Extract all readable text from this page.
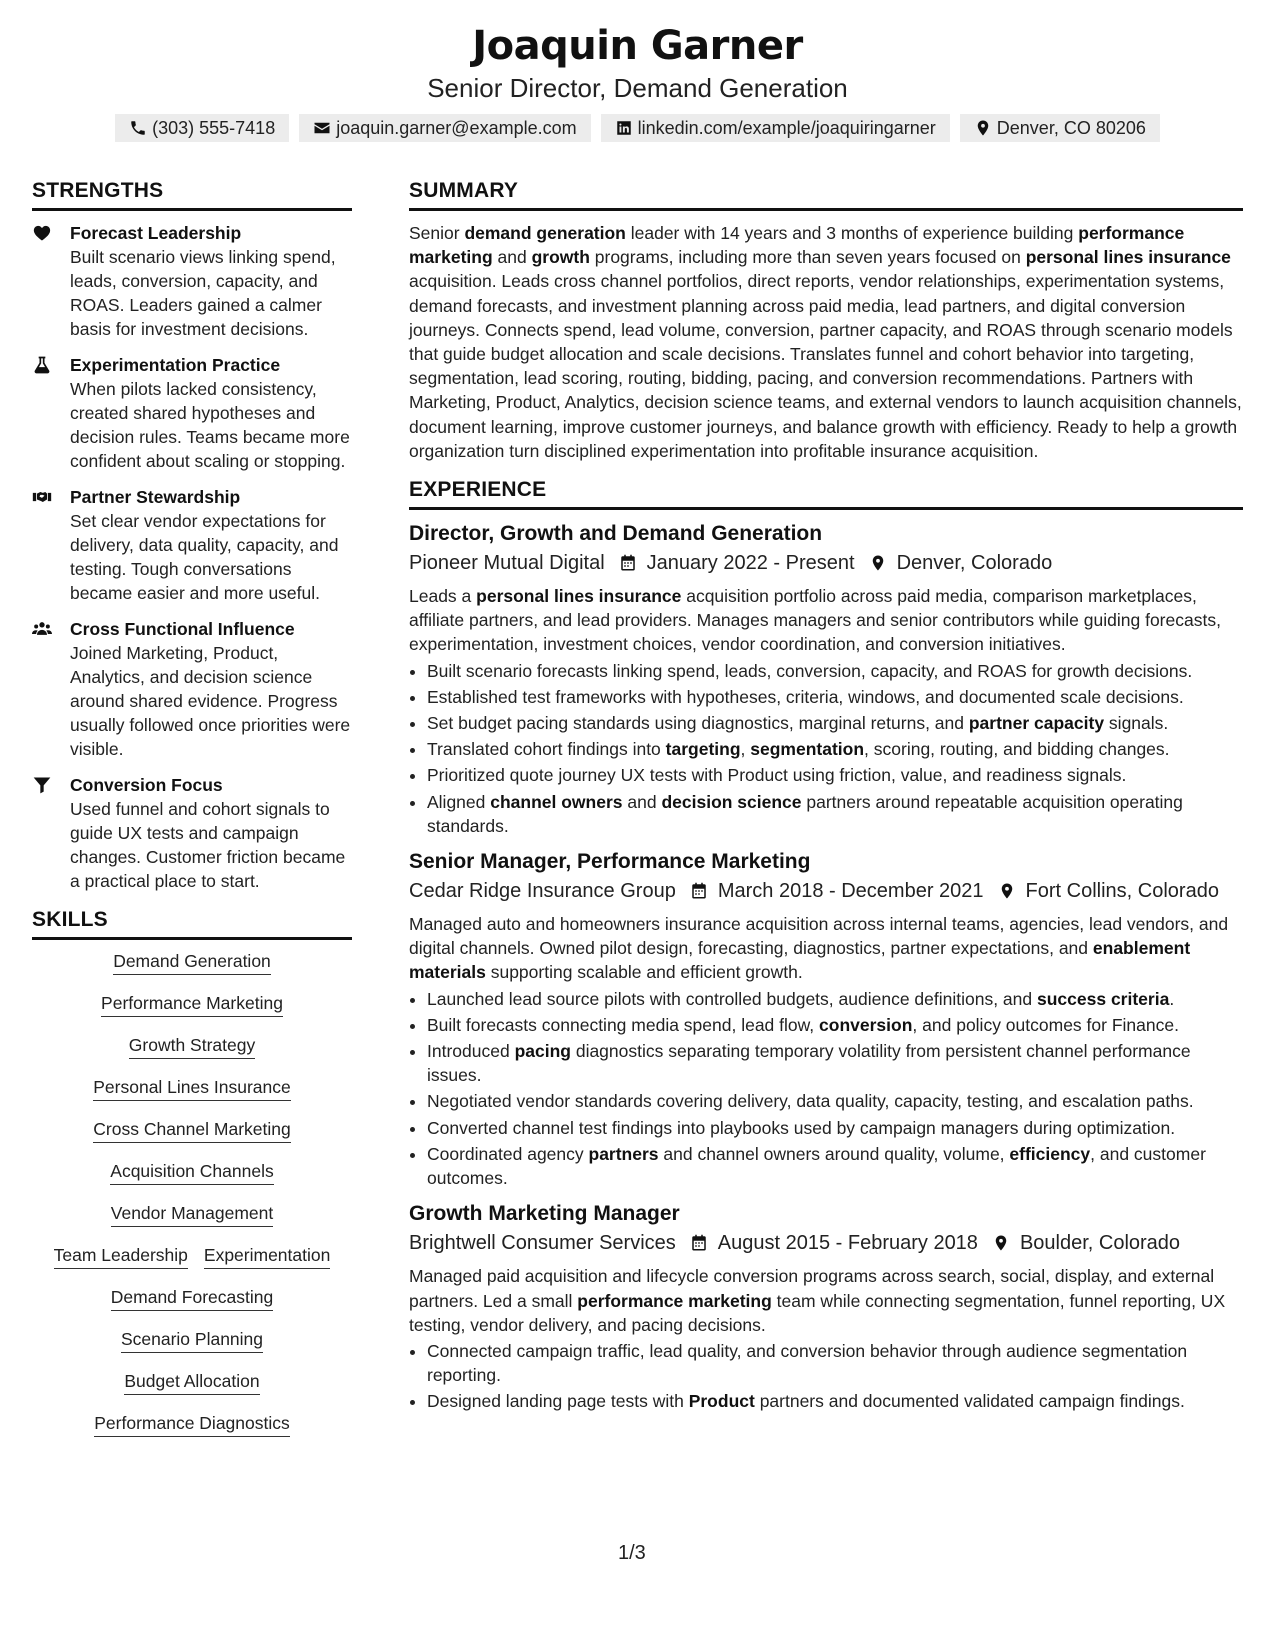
Joaquin Garner
Senior Director, Demand Generation
(303) 555-7418	joaquin.garner@example.com	linkedin.com/example/joaquiringarner	Denver, CO 80206
STRENGTHS
Forecast Leadership
Built scenario views linking spend, leads, conversion, capacity, and ROAS. Leaders gained a calmer basis for investment decisions.
Experimentation Practice
When pilots lacked consistency, created shared hypotheses and decision rules. Teams became more confident about scaling or stopping.
Partner Stewardship
Set clear vendor expectations for delivery, data quality, capacity, and testing. Tough conversations became easier and more useful.
Cross Functional Influence
Joined Marketing, Product, Analytics, and decision science around shared evidence. Progress usually followed once priorities were visible.
Conversion Focus
Used funnel and cohort signals to guide UX tests and campaign changes. Customer friction became a practical place to start.
SKILLS
Demand Generation
Performance Marketing
Growth Strategy
Personal Lines Insurance
Cross Channel Marketing
Acquisition Channels
Vendor Management
Team Leadership Experimentation
Demand Forecasting
Scenario Planning
Budget Allocation
Performance Diagnostics
SUMMARY
Senior demand generation leader with 14 years and 3 months of experience building performance marketing and growth programs, including more than seven years focused on personal lines insurance acquisition. Leads cross channel portfolios, direct reports, vendor relationships, experimentation systems, demand forecasts, and investment planning across paid media, lead partners, and digital conversion journeys. Connects spend, lead volume, conversion, partner capacity, and ROAS through scenario models that guide budget allocation and scale decisions. Translates funnel and cohort behavior into targeting, segmentation, lead scoring, routing, bidding, pacing, and conversion recommendations. Partners with Marketing, Product, Analytics, decision science teams, and external vendors to launch acquisition channels, document learning, improve customer journeys, and balance growth with efficiency. Ready to help a growth organization turn disciplined experimentation into profitable insurance acquisition.
EXPERIENCE
Director, Growth and Demand Generation
Pioneer Mutual Digital January 2022 - Present Denver, Colorado
Leads a personal lines insurance acquisition portfolio across paid media, comparison marketplaces, affiliate partners, and lead providers. Manages managers and senior contributors while guiding forecasts, experimentation, investment choices, vendor coordination, and conversion initiatives.
• Built scenario forecasts linking spend, leads, conversion, capacity, and ROAS for growth decisions.
• Established test frameworks with hypotheses, criteria, windows, and documented scale decisions.
• Set budget pacing standards using diagnostics, marginal returns, and partner capacity signals.
• Translated cohort findings into targeting, segmentation, scoring, routing, and bidding changes.
• Prioritized quote journey UX tests with Product using friction, value, and readiness signals.
• Aligned channel owners and decision science partners around repeatable acquisition operating standards.
Senior Manager, Performance Marketing
Cedar Ridge Insurance Group March 2018 - December 2021 Fort Collins, Colorado
Managed auto and homeowners insurance acquisition across internal teams, agencies, lead vendors, and digital channels. Owned pilot design, forecasting, diagnostics, partner expectations, and enablement materials supporting scalable and efficient growth.
• Launched lead source pilots with controlled budgets, audience definitions, and success criteria.
• Built forecasts connecting media spend, lead flow, conversion, and policy outcomes for Finance.
• Introduced pacing diagnostics separating temporary volatility from persistent channel performance issues.
• Negotiated vendor standards covering delivery, data quality, capacity, testing, and escalation paths.
• Converted channel test findings into playbooks used by campaign managers during optimization.
• Coordinated agency partners and channel owners around quality, volume, efficiency, and customer outcomes.
Growth Marketing Manager
Brightwell Consumer Services August 2015 - February 2018 Boulder, Colorado
Managed paid acquisition and lifecycle conversion programs across search, social, display, and external partners. Led a small performance marketing team while connecting segmentation, funnel reporting, UX testing, vendor delivery, and pacing decisions.
• Connected campaign traffic, lead quality, and conversion behavior through audience segmentation reporting.
• Designed landing page tests with Product partners and documented validated campaign findings.
1/3
